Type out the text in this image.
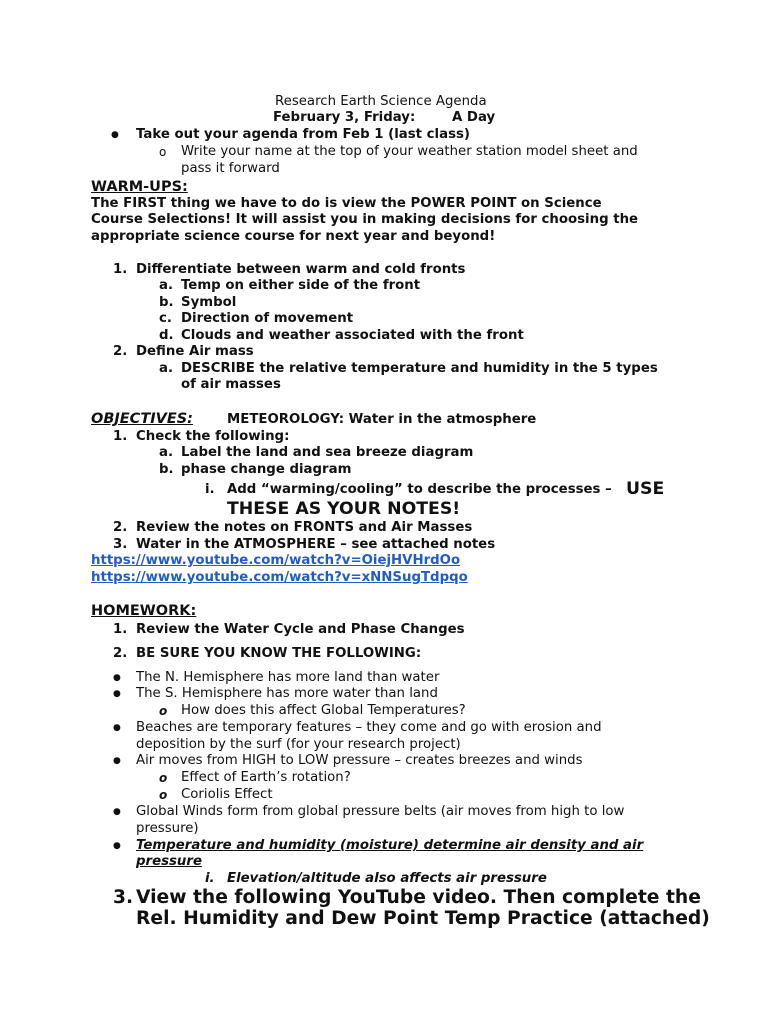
Research Earth Science Agenda
February 3, Friday:	A Day
● Take out your agenda from Feb 1 (last class)
o Write your name at the top of your weather station model sheet and
pass it forward
WARM-UPS:
The FIRST thing we have to do is view the POWER POINT on Science
Course Selections! It will assist you in making decisions for choosing the
appropriate science course for next year and beyond!
1. Differentiate between warm and cold fronts
a. Temp on either side of the front
b. Symbol
c. Direction of movement
d. Clouds and weather associated with the front
2. Define Air mass
a. DESCRIBE the relative temperature and humidity in the 5 types
of air masses
OBJECTIVES:	METEOROLOGY: Water in the atmosphere
1. Check the following:
a. Label the land and sea breeze diagram
b. phase change diagram
i. Add “warming/cooling” to describe the processes – USE
THESE AS YOUR NOTES!
2. Review the notes on FRONTS and Air Masses
3. Water in the ATMOSPHERE – see attached notes
https://www.youtube.com/watch?v=OiejHVHrdOo
https://www.youtube.com/watch?v=xNNSugTdpqo
HOMEWORK:
1. Review the Water Cycle and Phase Changes
2. BE SURE YOU KNOW THE FOLLOWING:
● The N. Hemisphere has more land than water
● The S. Hemisphere has more water than land
o How does this affect Global Temperatures?
● Beaches are temporary features – they come and go with erosion and
deposition by the surf (for your research project)
● Air moves from HIGH to LOW pressure – creates breezes and winds
o Effect of Earth’s rotation?
o Coriolis Effect
● Global Winds form from global pressure belts (air moves from high to low
pressure)
● Temperature and humidity (moisture) determine air density and air
pressure
i. Elevation/altitude also affects air pressure
3. View the following YouTube video. Then complete the
Rel. Humidity and Dew Point Temp Practice (attached)
